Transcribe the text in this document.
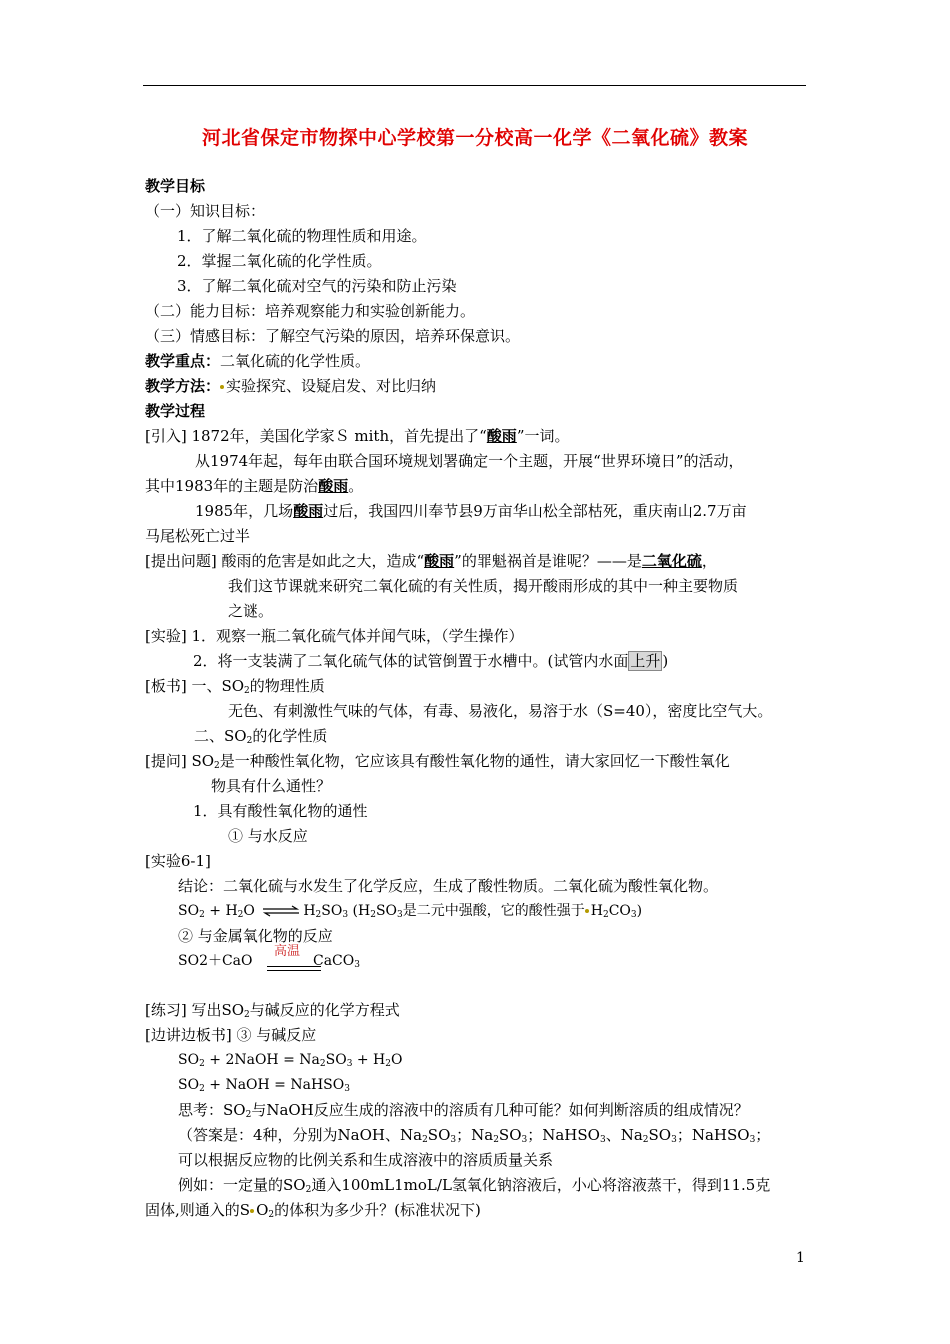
河北省保定市物探中心学校第一分校高一化学《二氧化硫》教案
教学目标
（一）知识目标：
1．了解二氧化硫的物理性质和用途。
2．掌握二氧化硫的化学性质。
3．了解二氧化硫对空气的污染和防止污染
（二）能力目标：培养观察能力和实验创新能力。
（三）情感目标：了解空气污染的原因，培养环保意识。
教学重点：二氧化硫的化学性质。
教学方法： 实验探究、设疑启发、对比归纳
教学过程
[引入] 1872年，美国化学家Ｓ mith，首先提出了“酸雨”一词。
从1974年起，每年由联合国环境规划署确定一个主题，开展“世界环境日”的活动，
其中1983年的主题是防治酸雨。
1985年，几场酸雨过后，我国四川奉节县9万亩华山松全部枯死，重庆南山2.7万亩
马尾松死亡过半
[提出问题] 酸雨的危害是如此之大，造成“酸雨”的罪魁祸首是谁呢？——是二氧化硫，
我们这节课就来研究二氧化硫的有关性质，揭开酸雨形成的其中一种主要物质
之谜。
[实验] 1．观察一瓶二氧化硫气体并闻气味，（学生操作）
2．将一支装满了二氧化硫气体的试管倒置于水槽中。(试管内水面 上升 )
[板书] 一、$SO_2$的物理性质
无色、有刺激性气味的气体，有毒、易液化，易溶于水（S=40），密度比空气大。
二、$SO_2$的化学性质
[提问] $SO_2$是一种酸性氧化物，它应该具有酸性氧化物的通性，请大家回忆一下酸性氧化
物具有什么通性？
1．具有酸性氧化物的通性
① 与水反应
[实验6-1]
结论：二氧化硫与水发生了化学反应，生成了酸性物质。二氧化硫为酸性氧化物。
$SO_2 + H_2O$ ⇌ $H_2SO_3$ ($H_2SO_3$是二元中强酸，它的酸性强于 $H_2CO_3$)
② 与金属氧化物的反应
高温
SO2＋CaO	CaCO$_3$
[练习] 写出$SO_2$与碱反应的化学方程式
[边讲边板书] ③ 与碱反应
$SO_2$ + 2NaOH = $Na_2SO_3 + H_2O$
$SO_2$ + NaOH = NaHSO$_3$
思考：$SO_2$与NaOH反应生成的溶液中的溶质有几种可能？如何判断溶质的组成情况？
（答案是：4种，分别为NaOH、$Na_2SO_3$；$Na_2SO_3$；NaHSO$_3$、$Na_2SO_3$；NaHSO$_3$；
可以根据反应物的比例关系和生成溶液中的溶质质量关系
例如：一定量的$SO_2$通入100mL1moL/L氢氧化钠溶液后，小心将溶液蒸干，得到11.5克
固体,则通入的S $O_2$的体积为多少升？(标准状况下)
1
